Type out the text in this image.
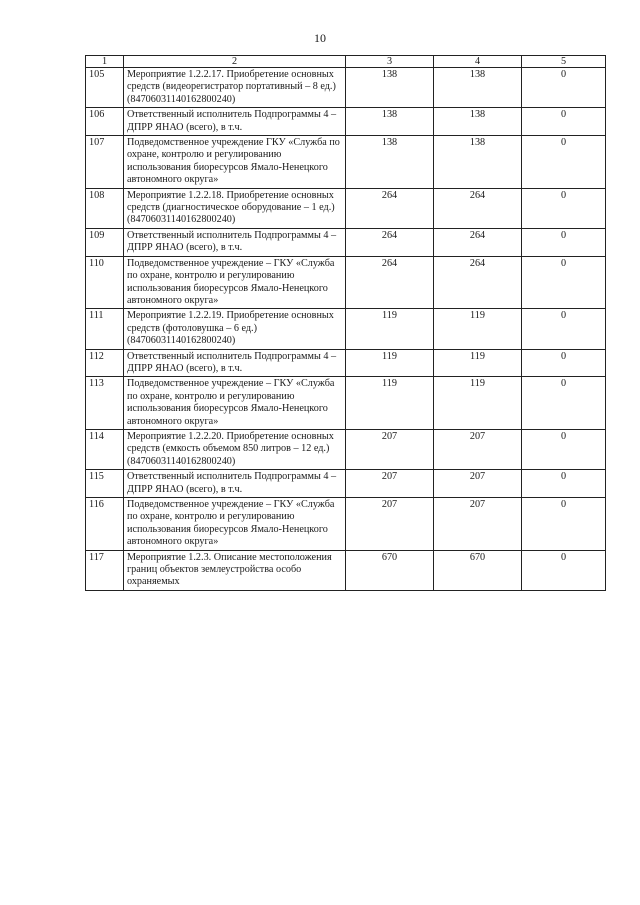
10
1	2	3	4	5
105	Мероприятие 1.2.2.17. Приобретение основных средств (видеорегистратор портативный – 8 ед.) (84706031140162800240)	138	138	0
106	Ответственный исполнитель Подпрограммы 4 – ДПРР ЯНАО (всего), в т.ч.	138	138	0
107	Подведомственное учреждение ГКУ «Служба по охране, контролю и регулированию использования биоресурсов Ямало-Ненецкого автономного округа»	138	138	0
108	Мероприятие 1.2.2.18. Приобретение основных средств (диагностическое оборудование – 1 ед.) (84706031140162800240)	264	264	0
109	Ответственный исполнитель Подпрограммы 4 – ДПРР ЯНАО (всего), в т.ч.	264	264	0
110	Подведомственное учреждение – ГКУ «Служба по охране, контролю и регулированию использования биоресурсов Ямало-Ненецкого автономного округа»	264	264	0
111	Мероприятие 1.2.2.19. Приобретение основных средств (фотоловушка – 6 ед.) (84706031140162800240)	119	119	0
112	Ответственный исполнитель Подпрограммы 4 – ДПРР ЯНАО (всего), в т.ч.	119	119	0
113	Подведомственное учреждение – ГКУ «Служба по охране, контролю и регулированию использования биоресурсов Ямало-Ненецкого автономного округа»	119	119	0
114	Мероприятие 1.2.2.20. Приобретение основных средств (емкость объемом 850 литров – 12 ед.) (84706031140162800240)	207	207	0
115	Ответственный исполнитель Подпрограммы 4 – ДПРР ЯНАО (всего), в т.ч.	207	207	0
116	Подведомственное учреждение – ГКУ «Служба по охране, контролю и регулированию использования биоресурсов Ямало-Ненецкого автономного округа»	207	207	0
117	Мероприятие 1.2.3. Описание местоположения границ объектов землеустройства особо охраняемых	670	670	0
